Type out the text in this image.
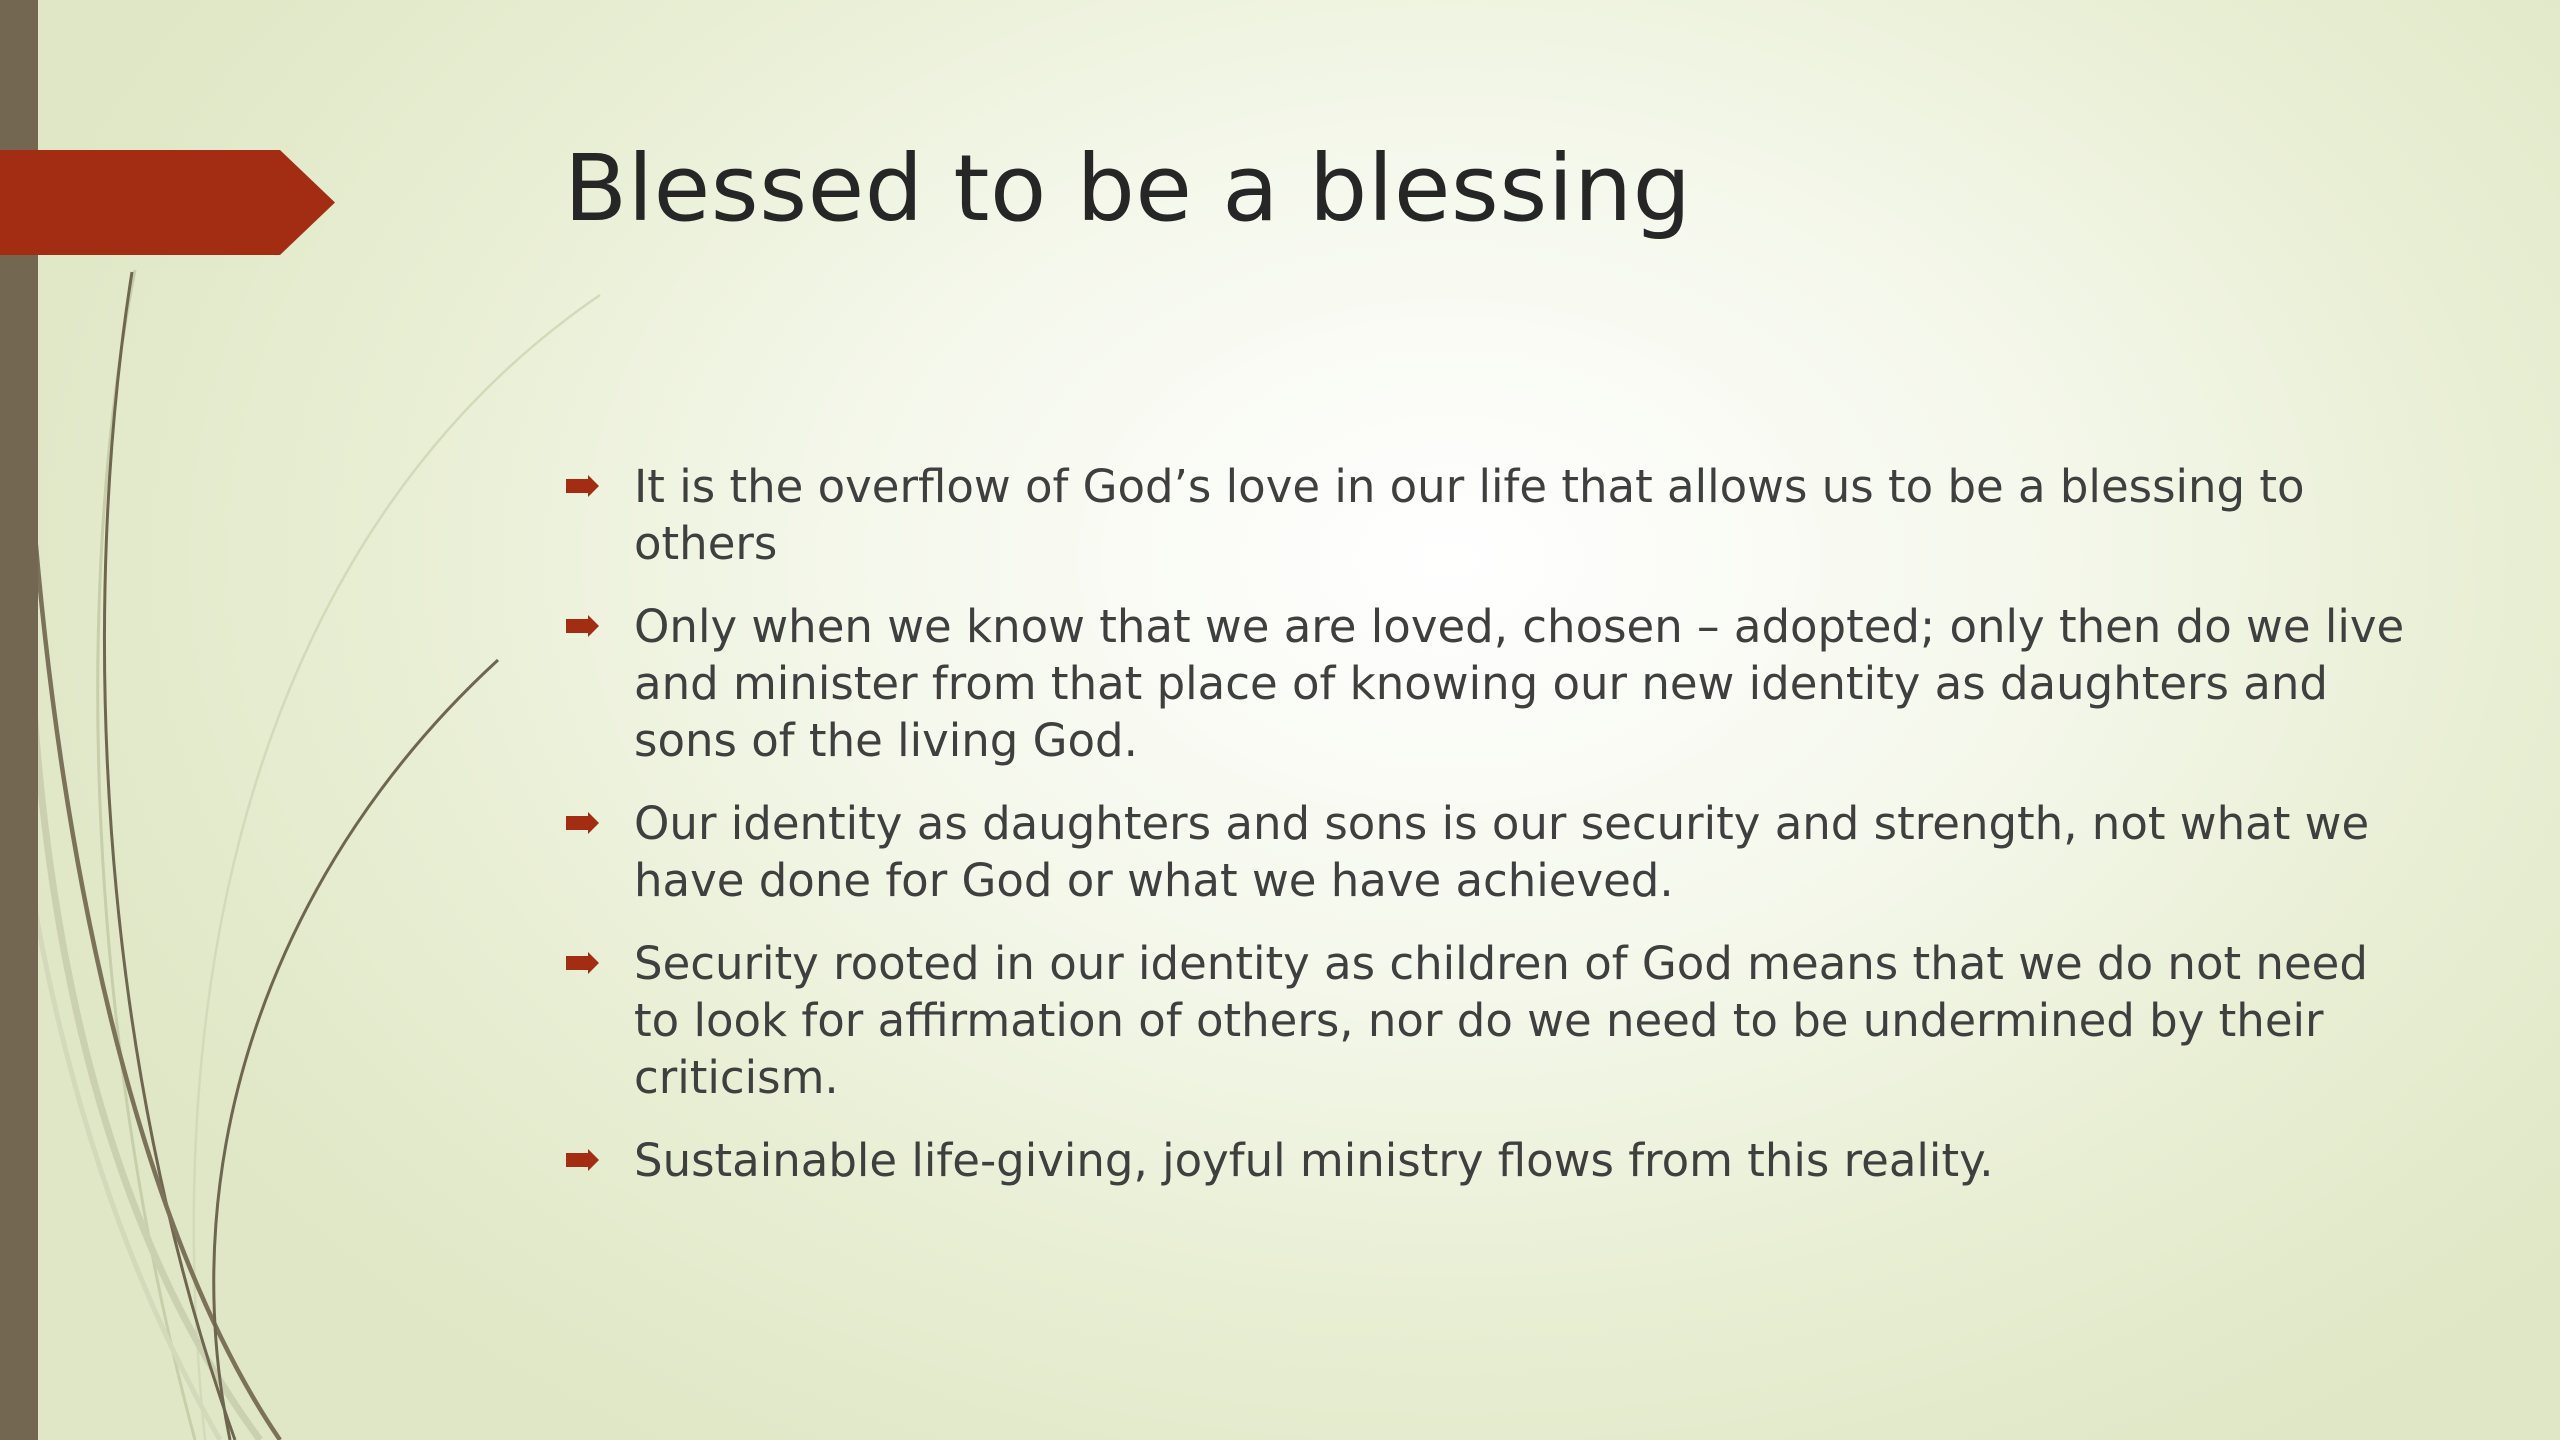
Blessed to be a blessing
It is the overflow of God’s love in our life that allows us to be a blessing to others
Only when we know that we are loved, chosen – adopted; only then do we live and minister from that place of knowing our new identity as daughters and sons of the living God.
Our identity as daughters and sons is our security and strength, not what we have done for God or what we have achieved.
Security rooted in our identity as children of God means that we do not need to look for affirmation of others, nor do we need to be undermined by their criticism.
Sustainable life-giving, joyful ministry flows from this reality.
